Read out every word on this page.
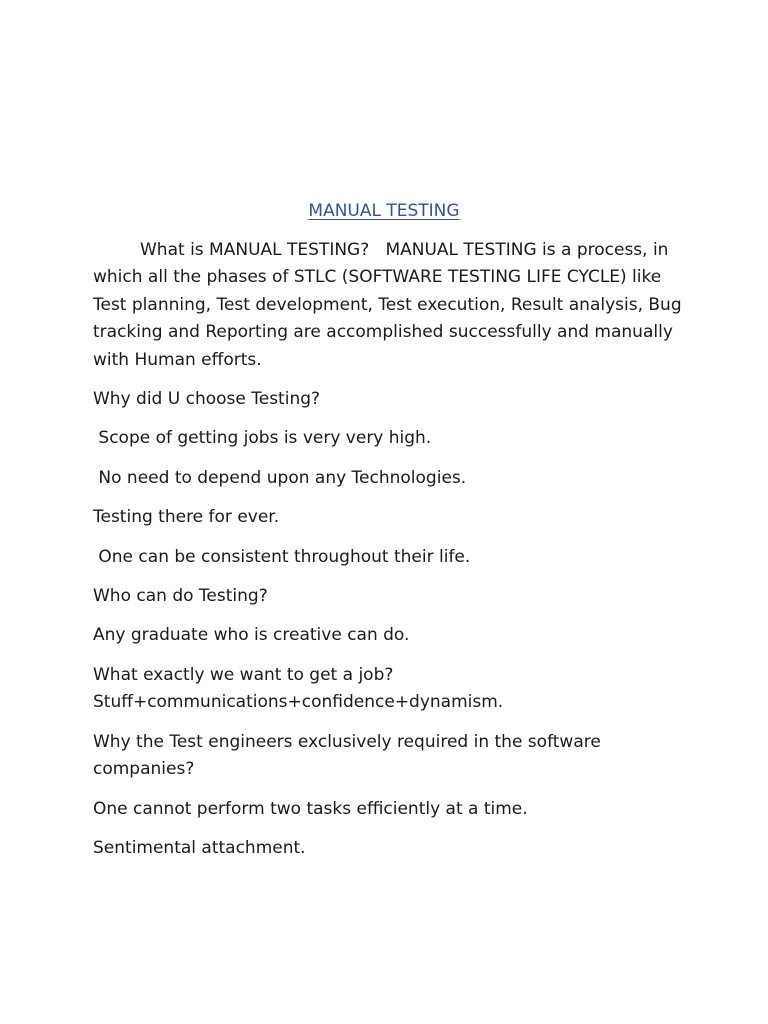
MANUAL TESTING

What is MANUAL TESTING?   MANUAL TESTING is a process, in which all the phases of STLC (SOFTWARE TESTING LIFE CYCLE) like Test planning, Test development, Test execution, Result analysis, Bug tracking and Reporting are accomplished successfully and manually with Human efforts.

Why did U choose Testing?

Scope of getting jobs is very very high.

No need to depend upon any Technologies.

Testing there for ever.

One can be consistent throughout their life.

Who can do Testing?

Any graduate who is creative can do.

What exactly we want to get a job?
Stuff+communications+confidence+dynamism.

Why the Test engineers exclusively required in the software companies?

One cannot perform two tasks efficiently at a time.

Sentimental attachment.
